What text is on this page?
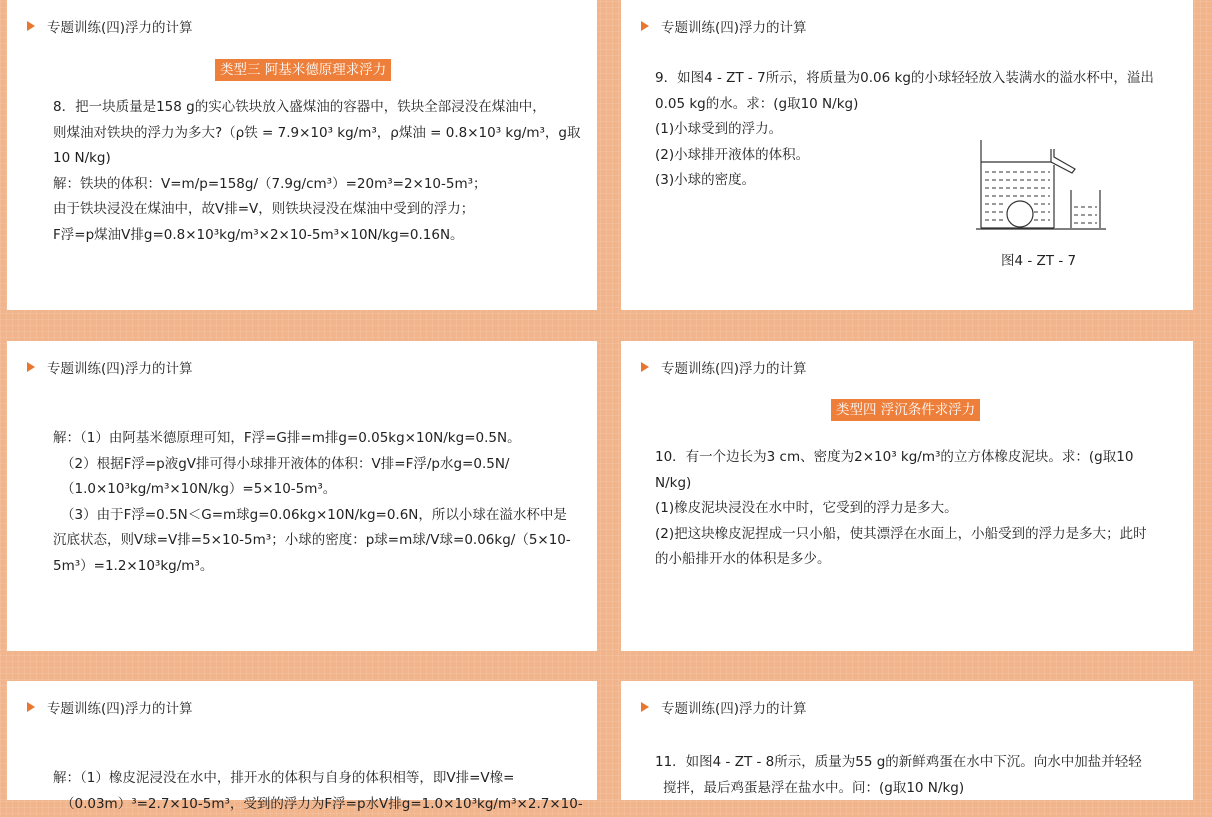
专题训练(四)浮力的计算
类型三 阿基米德原理求浮力
8．把一块质量是158 g的实心铁块放入盛煤油的容器中，铁块全部浸没在煤油中，
则煤油对铁块的浮力为多大?（ρ铁 = 7.9×10³ kg/m³，ρ煤油 = 0.8×10³ kg/m³，g取
10 N/kg)
解：铁块的体积：V=m/p=158g/（7.9g/cm³）=20m³=2×10-5m³；
由于铁块浸没在煤油中，故V排=V，则铁块浸没在煤油中受到的浮力；
F浮=p煤油V排g=0.8×10³kg/m³×2×10-5m³×10N/kg=0.16N。
专题训练(四)浮力的计算
9．如图4 - ZT - 7所示，将质量为0.06 kg的小球轻轻放入装满水的溢水杯中，溢出
0.05 kg的水。求：(g取10 N/kg)
(1)小球受到的浮力。
(2)小球排开液体的体积。
(3)小球的密度。
图4 - ZT - 7
专题训练(四)浮力的计算
解：（1）由阿基米德原理可知，F浮=G排=m排g=0.05kg×10N/kg=0.5N。
（2）根据F浮=p液gV排可得小球排开液体的体积：V排=F浮/p水g=0.5N/
（1.0×10³kg/m³×10N/kg）=5×10-5m³。
（3）由于F浮=0.5N＜G=m球g=0.06kg×10N/kg=0.6N，所以小球在溢水杯中是
沉底状态，则V球=V排=5×10-5m³；小球的密度：p球=m球/V球=0.06kg/（5×10-
5m³）=1.2×10³kg/m³。
专题训练(四)浮力的计算
类型四 浮沉条件求浮力
10．有一个边长为3 cm、密度为2×10³ kg/m³的立方体橡皮泥块。求：(g取10
N/kg)
(1)橡皮泥块浸没在水中时，它受到的浮力是多大。
(2)把这块橡皮泥捏成一只小船，使其漂浮在水面上，小船受到的浮力是多大；此时
的小船排开水的体积是多少。
专题训练(四)浮力的计算
解：（1）橡皮泥浸没在水中，排开水的体积与自身的体积相等，即V排=V橡=
（0.03m）³=2.7×10-5m³，受到的浮力为F浮=p水V排g=1.0×10³kg/m³×2.7×10-
专题训练(四)浮力的计算
11．如图4 - ZT - 8所示，质量为55 g的新鲜鸡蛋在水中下沉。向水中加盐并轻轻
搅拌，最后鸡蛋悬浮在盐水中。问：(g取10 N/kg)
